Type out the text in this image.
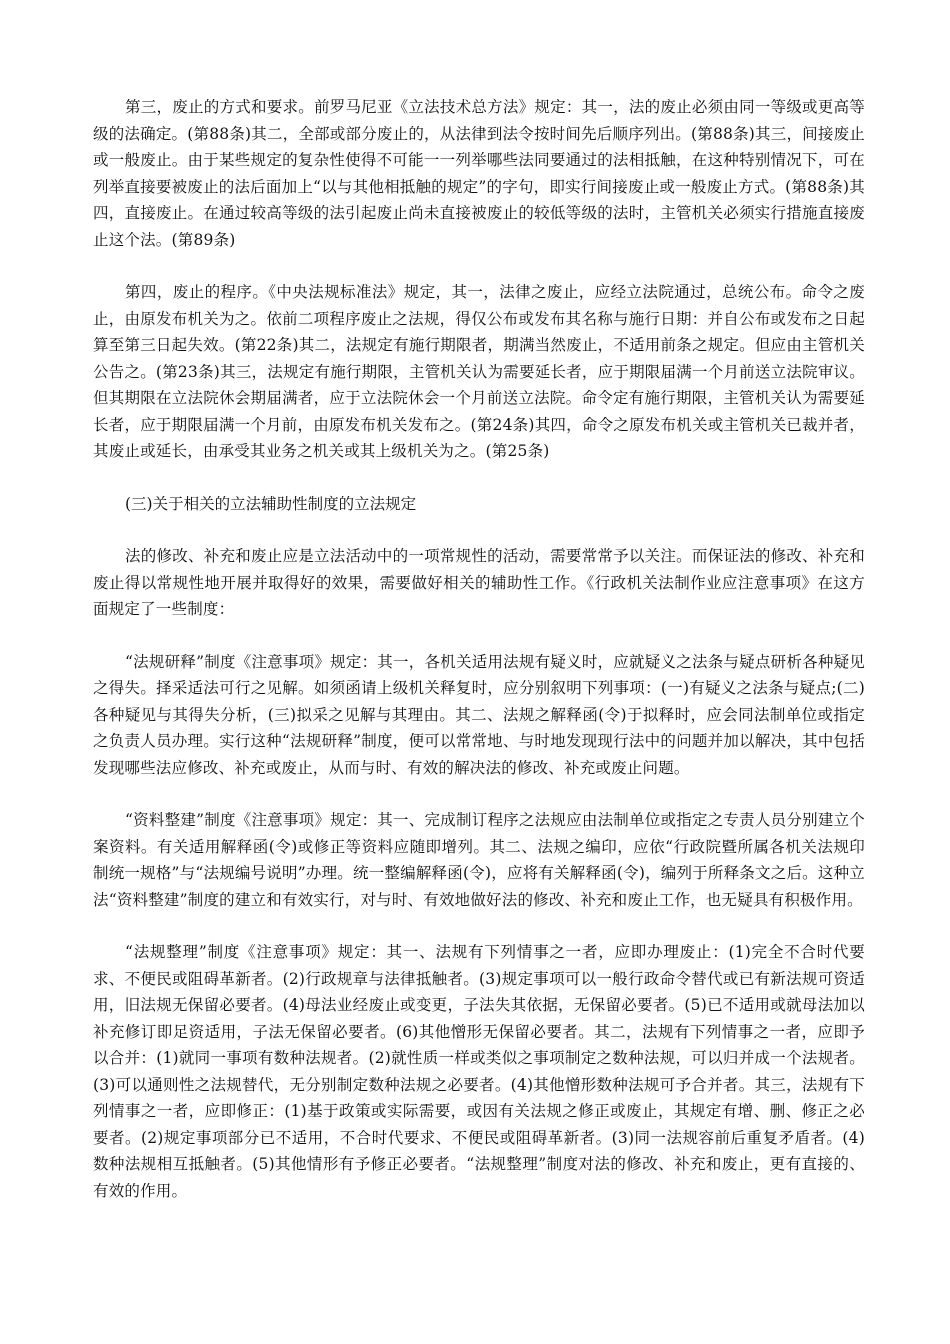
第三，废止的方式和要求。前罗马尼亚《立法技术总方法》规定：其一，法的废止必须由同一等级或更高等级的法确定。(第88条)其二，全部或部分废止的，从法律到法令按时间先后顺序列出。(第88条)其三，间接废止或一般废止。由于某些规定的复杂性使得不可能一一列举哪些法同要通过的法相抵触，在这种特别情况下，可在列举直接要被废止的法后面加上“以与其他相抵触的规定”的字句，即实行间接废止或一般废止方式。(第88条)其四，直接废止。在通过较高等级的法引起废止尚未直接被废止的较低等级的法时，主管机关必须实行措施直接废止这个法。(第89条)

第四，废止的程序。《中央法规标准法》规定，其一，法律之废止，应经立法院通过，总统公布。命令之废止，由原发布机关为之。依前二项程序废止之法规，得仅公布或发布其名称与施行日期：并自公布或发布之日起算至第三日起失效。(第22条)其二，法规定有施行期限者，期满当然废止，不适用前条之规定。但应由主管机关公告之。(第23条)其三，法规定有施行期限，主管机关认为需要延长者，应于期限届满一个月前送立法院审议。但其期限在立法院休会期届满者，应于立法院休会一个月前送立法院。命令定有施行期限，主管机关认为需要延长者，应于期限届满一个月前，由原发布机关发布之。(第24条)其四，命令之原发布机关或主管机关已裁并者，其废止或延长，由承受其业务之机关或其上级机关为之。(第25条)

(三)关于相关的立法辅助性制度的立法规定

法的修改、补充和废止应是立法活动中的一项常规性的活动，需要常常予以关注。而保证法的修改、补充和废止得以常规性地开展并取得好的效果，需要做好相关的辅助性工作。《行政机关法制作业应注意事项》在这方面规定了一些制度：

“法规研释”制度《注意事项》规定：其一，各机关适用法规有疑义时，应就疑义之法条与疑点研析各种疑见之得失。择采适法可行之见解。如须函请上级机关释复时，应分别叙明下列事项：(一)有疑义之法条与疑点;(二)各种疑见与其得失分析，(三)拟采之见解与其理由。其二、法规之解释函(令)于拟释时，应会同法制单位或指定之负责人员办理。实行这种“法规研释”制度，便可以常常地、与时地发现现行法中的问题并加以解决，其中包括发现哪些法应修改、补充或废止，从而与时、有效的解决法的修改、补充或废止问题。

“资料整建”制度《注意事项》规定：其一、完成制订程序之法规应由法制单位或指定之专责人员分别建立个案资料。有关适用解释函(令)或修正等资料应随即增列。其二、法规之编印，应依“行政院暨所属各机关法规印制统一规格”与“法规编号说明”办理。统一整编解释函(令)，应将有关解释函(令)，编列于所释条文之后。这种立法“资料整建”制度的建立和有效实行，对与时、有效地做好法的修改、补充和废止工作，也无疑具有积极作用。

“法规整理”制度《注意事项》规定：其一、法规有下列情事之一者，应即办理废止：(1)完全不合时代要求、不便民或阻碍革新者。(2)行政规章与法律抵触者。(3)规定事项可以一般行政命令替代或已有新法规可资适用，旧法规无保留必要者。(4)母法业经废止或变更，子法失其依据，无保留必要者。(5)已不适用或就母法加以补充修订即足资适用，子法无保留必要者。(6)其他憎形无保留必要者。其二，法规有下列情事之一者，应即予以合并：(1)就同一事项有数种法规者。(2)就性质一样或类似之事项制定之数种法规，可以归并成一个法规者。(3)可以通则性之法规替代，无分别制定数种法规之必要者。(4)其他憎形数种法规可予合并者。其三，法规有下列情事之一者，应即修正：(1)基于政策或实际需要，或因有关法规之修正或废止，其规定有增、删、修正之必要者。(2)规定事项部分已不适用，不合时代要求、不便民或阻碍革新者。(3)同一法规容前后重复矛盾者。(4)数种法规相互抵触者。(5)其他情形有予修正必要者。“法规整理”制度对法的修改、补充和废止，更有直接的、有效的作用。
